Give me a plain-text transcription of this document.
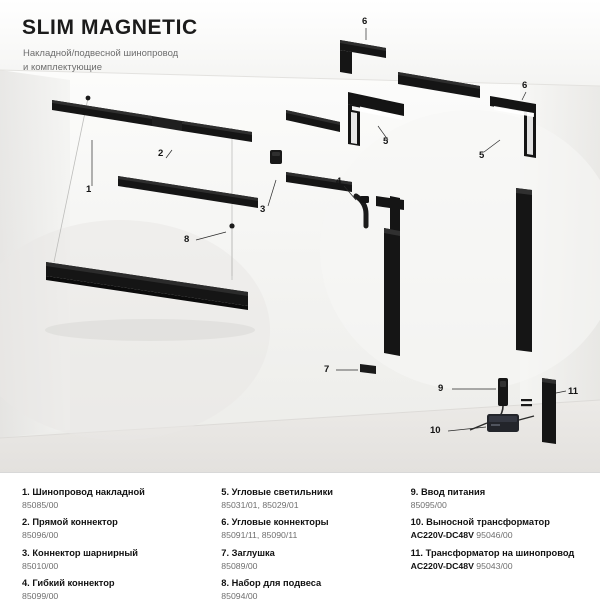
SLIM MAGNETIC
Накладной/подвесной шинопровод
и комплектующие
1
2
3
4
5
5
6
6
7
8
9
10
11
1. Шинопровод накладной
85085/00
2. Прямой коннектор
85096/00
3. Коннектор шарнирный
85010/00
4. Гибкий коннектор
85099/00
5. Угловые светильники
85031/01, 85029/01
6. Угловые коннекторы
85091/11, 85090/11
7. Заглушка
85089/00
8. Набор для подвеса
85094/00
9. Ввод питания
85095/00
10. Выносной трансформатор
AC220V-DC48V 95046/00
11. Трансформатор на шинопровод
AC220V-DC48V 95043/00
